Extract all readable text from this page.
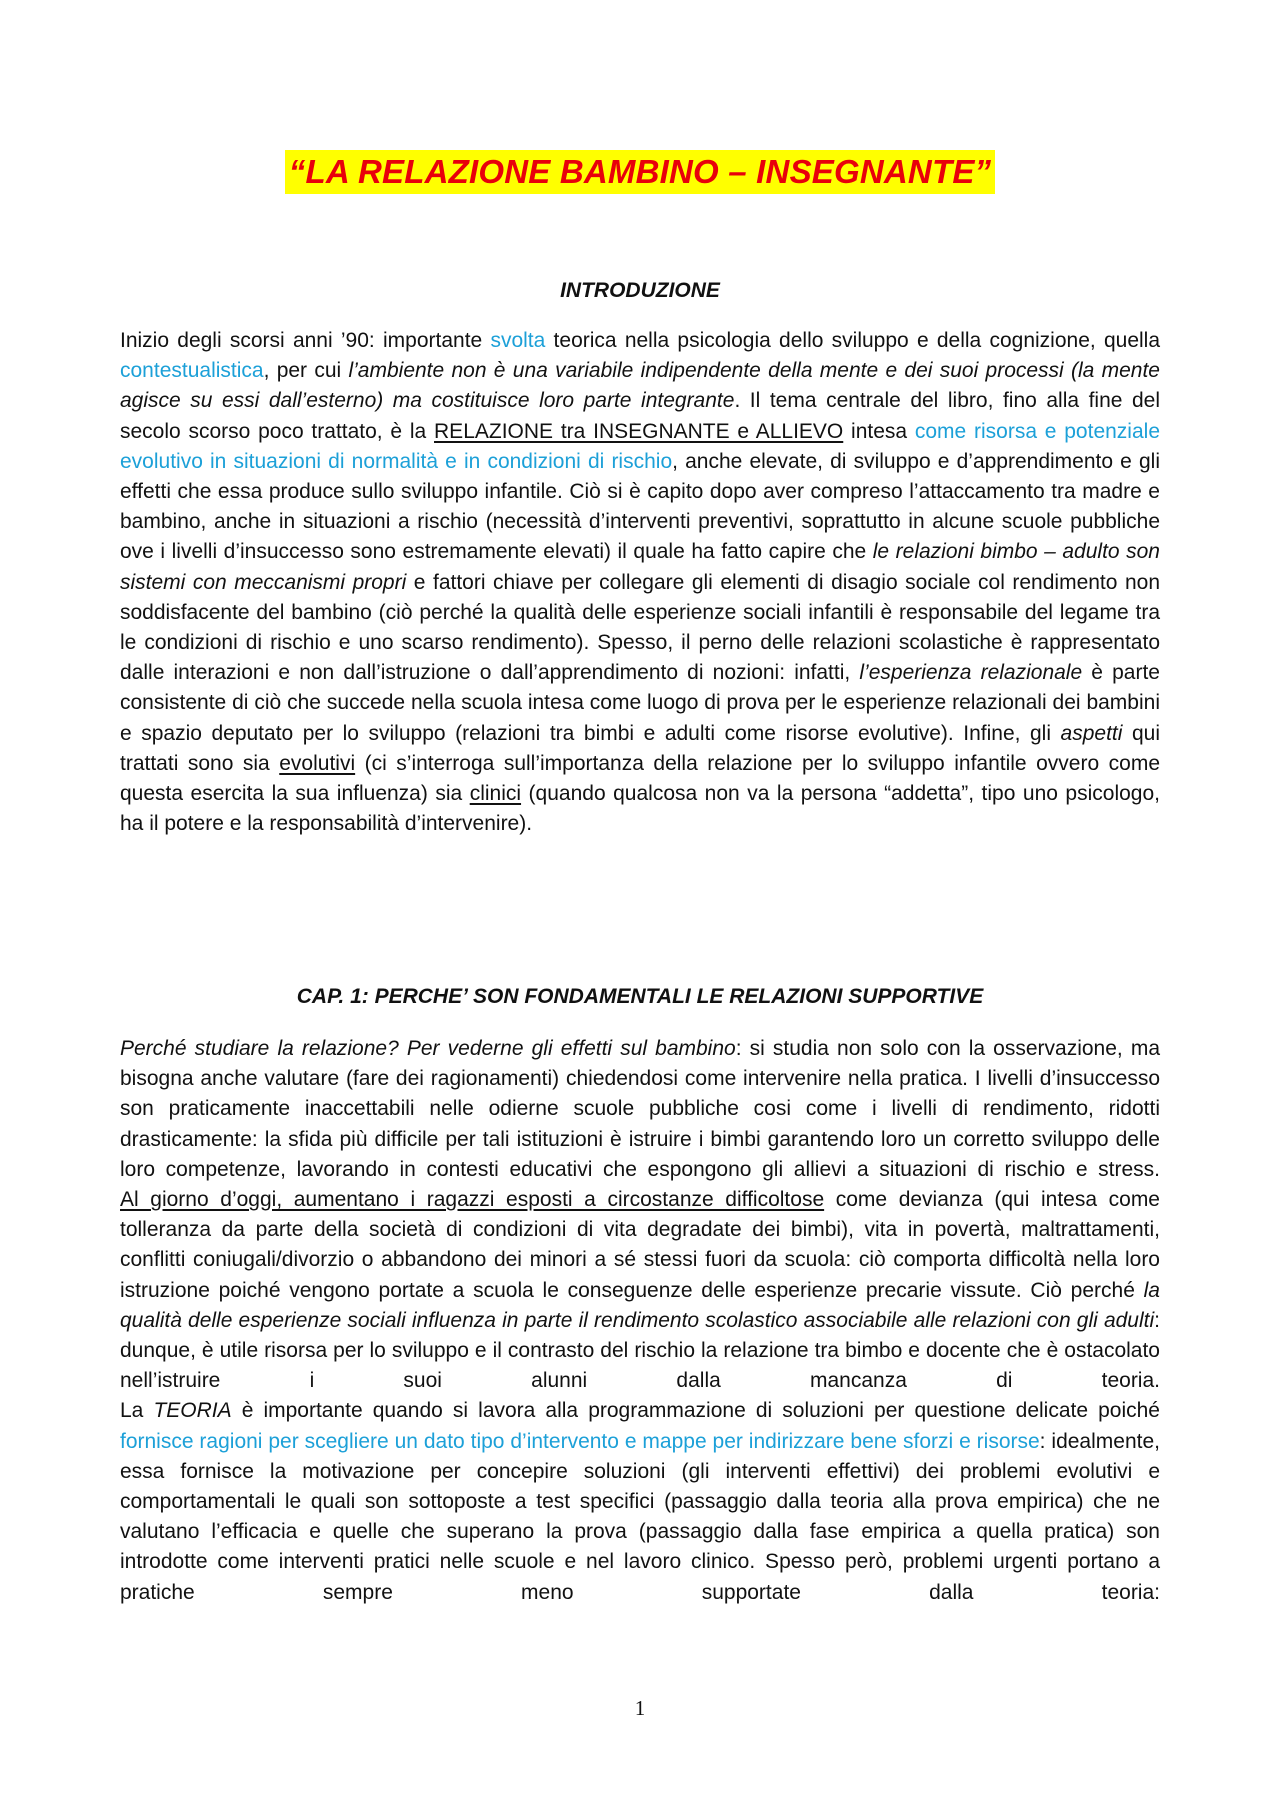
“LA RELAZIONE BAMBINO – INSEGNANTE”
INTRODUZIONE

Inizio degli scorsi anni ’90: importante svolta teorica nella psicologia dello sviluppo e della cognizione, quella contestualistica, per cui l’ambiente non è una variabile indipendente della mente e dei suoi processi (la mente agisce su essi dall’esterno) ma costituisce loro parte integrante. Il tema centrale del libro, fino alla fine del secolo scorso poco trattato, è la RELAZIONE tra INSEGNANTE e ALLIEVO intesa come risorsa e potenziale evolutivo in situazioni di normalità e in condizioni di rischio, anche elevate, di sviluppo e d’apprendimento e gli effetti che essa produce sullo sviluppo infantile. Ciò si è capito dopo aver compreso l’attaccamento tra madre e bambino, anche in situazioni a rischio (necessità d’interventi preventivi, soprattutto in alcune scuole pubbliche ove i livelli d’insuccesso sono estremamente elevati) il quale ha fatto capire che le relazioni bimbo – adulto son sistemi con meccanismi propri e fattori chiave per collegare gli elementi di disagio sociale col rendimento non soddisfacente del bambino (ciò perché la qualità delle esperienze sociali infantili è responsabile del legame tra le condizioni di rischio e uno scarso rendimento). Spesso, il perno delle relazioni scolastiche è rappresentato dalle interazioni e non dall’istruzione o dall’apprendimento di nozioni: infatti, l’esperienza relazionale è parte consistente di ciò che succede nella scuola intesa come luogo di prova per le esperienze relazionali dei bambini e spazio deputato per lo sviluppo (relazioni tra bimbi e adulti come risorse evolutive). Infine, gli aspetti qui trattati sono sia evolutivi (ci s’interroga sull’importanza della relazione per lo sviluppo infantile ovvero come questa esercita la sua influenza) sia clinici (quando qualcosa non va la persona “addetta”, tipo uno psicologo, ha il potere e la responsabilità d’intervenire).

CAP. 1: PERCHE’ SON FONDAMENTALI LE RELAZIONI SUPPORTIVE

Perché studiare la relazione? Per vederne gli effetti sul bambino: si studia non solo con la osservazione, ma bisogna anche valutare (fare dei ragionamenti) chiedendosi come intervenire nella pratica. I livelli d’insuccesso son praticamente inaccettabili nelle odierne scuole pubbliche cosi come i livelli di rendimento, ridotti drasticamente: la sfida più difficile per tali istituzioni è istruire i bimbi garantendo loro un corretto sviluppo delle loro competenze, lavorando in contesti educativi che espongono gli allievi a situazioni di rischio e stress.

Al giorno d’oggi, aumentano i ragazzi esposti a circostanze difficoltose come devianza (qui intesa come tolleranza da parte della società di condizioni di vita degradate dei bimbi), vita in povertà, maltrattamenti, conflitti coniugali/divorzio o abbandono dei minori a sé stessi fuori da scuola: ciò comporta difficoltà nella loro istruzione poiché vengono portate a scuola le conseguenze delle esperienze precarie vissute. Ciò perché la qualità delle esperienze sociali influenza in parte il rendimento scolastico associabile alle relazioni con gli adulti: dunque, è utile risorsa per lo sviluppo e il contrasto del rischio la relazione tra bimbo e docente che è ostacolato nell’istruire i suoi alunni dalla mancanza di teoria.

La TEORIA è importante quando si lavora alla programmazione di soluzioni per questione delicate poiché fornisce ragioni per scegliere un dato tipo d’intervento e mappe per indirizzare bene sforzi e risorse: idealmente, essa fornisce la motivazione per concepire soluzioni (gli interventi effettivi) dei problemi evolutivi e comportamentali le quali son sottoposte a test specifici (passaggio dalla teoria alla prova empirica) che ne valutano l’efficacia e quelle che superano la prova (passaggio dalla fase empirica a quella pratica) son introdotte come interventi pratici nelle scuole e nel lavoro clinico. Spesso però, problemi urgenti portano a pratiche sempre meno supportate dalla teoria:

1
